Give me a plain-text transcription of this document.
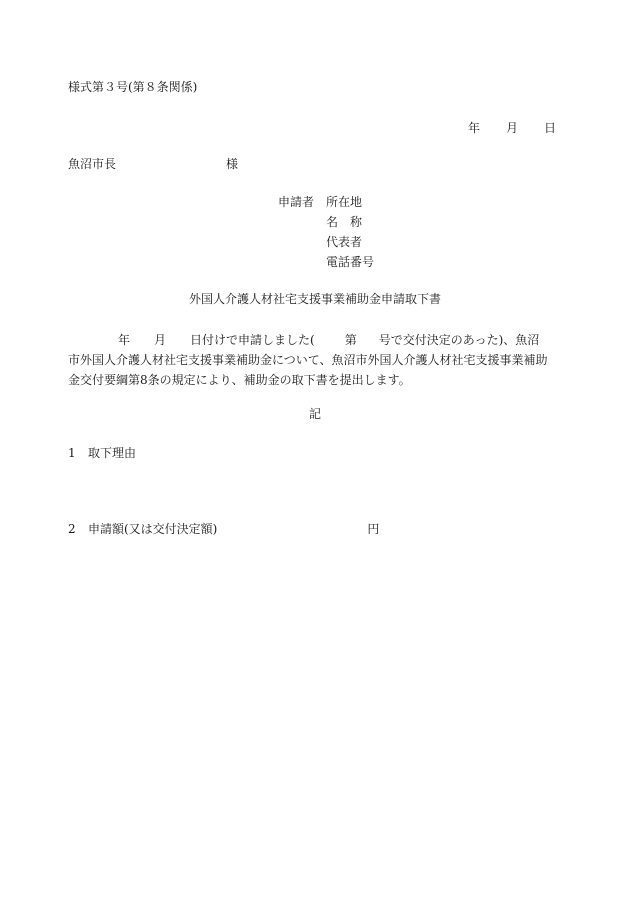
様式第３号(第８条関係)
年 月 日
魚沼市長	様
申請者 所在地
名　称
代表者
電話番号
外国人介護人材社宅支援事業補助金申請取下書
年 月 日付けで申請しました(	第 号で交付決定のあった)、魚沼
市外国人介護人材社宅支援事業補助金について、魚沼市外国人介護人材社宅支援事業補助
金交付要綱第8条の規定により、補助金の取下書を提出します。
記
1 取下理由
2 申請額(又は交付決定額)	円
